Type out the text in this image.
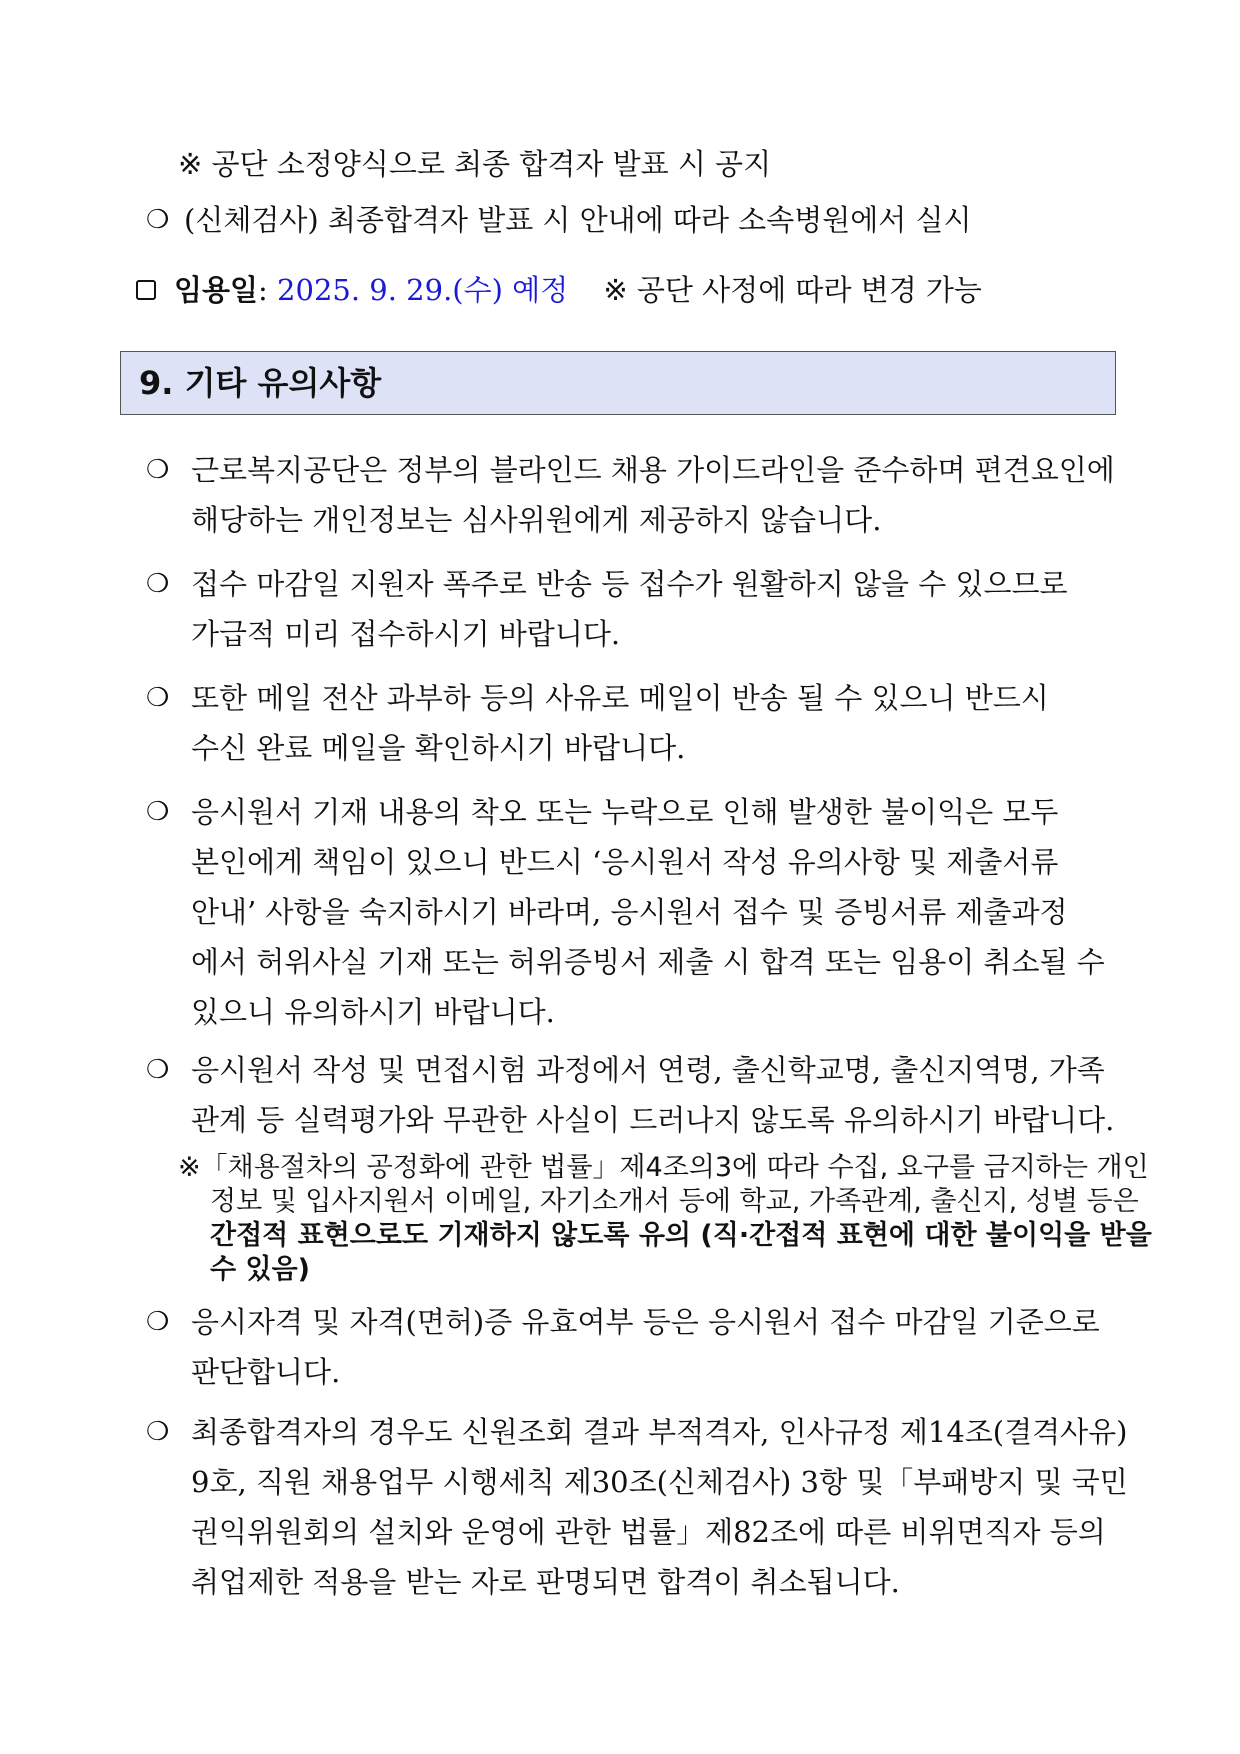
※ 공단 소정양식으로 최종 합격자 발표 시 공지
❍ (신체검사) 최종합격자 발표 시 안내에 따라 소속병원에서 실시
임용일: 2025. 9. 29.(수) 예정 ※ 공단 사정에 따라 변경 가능
9. 기타 유의사항
❍ 근로복지공단은 정부의 블라인드 채용 가이드라인을 준수하며 편견요인에
해당하는 개인정보는 심사위원에게 제공하지 않습니다.
❍ 접수 마감일 지원자 폭주로 반송 등 접수가 원활하지 않을 수 있으므로
가급적 미리 접수하시기 바랍니다.
❍ 또한 메일 전산 과부하 등의 사유로 메일이 반송 될 수 있으니 반드시
수신 완료 메일을 확인하시기 바랍니다.
❍ 응시원서 기재 내용의 착오 또는 누락으로 인해 발생한 불이익은 모두
본인에게 책임이 있으니 반드시 ‘응시원서 작성 유의사항 및 제출서류
안내’ 사항을 숙지하시기 바라며, 응시원서 접수 및 증빙서류 제출과정
에서 허위사실 기재 또는 허위증빙서 제출 시 합격 또는 임용이 취소될 수
있으니 유의하시기 바랍니다.
❍ 응시원서 작성 및 면접시험 과정에서 연령, 출신학교명, 출신지역명, 가족
관계 등 실력평가와 무관한 사실이 드러나지 않도록 유의하시기 바랍니다.
※「채용절차의 공정화에 관한 법률」제4조의3에 따라 수집, 요구를 금지하는 개인
정보 및 입사지원서 이메일, 자기소개서 등에 학교, 가족관계, 출신지, 성별 등은
간접적 표현으로도 기재하지 않도록 유의 (직·간접적 표현에 대한 불이익을 받을
수 있음)
❍ 응시자격 및 자격(면허)증 유효여부 등은 응시원서 접수 마감일 기준으로
판단합니다.
❍ 최종합격자의 경우도 신원조회 결과 부적격자, 인사규정 제14조(결격사유)
9호, 직원 채용업무 시행세칙 제30조(신체검사) 3항 및「부패방지 및 국민
권익위원회의 설치와 운영에 관한 법률」제82조에 따른 비위면직자 등의
취업제한 적용을 받는 자로 판명되면 합격이 취소됩니다.
